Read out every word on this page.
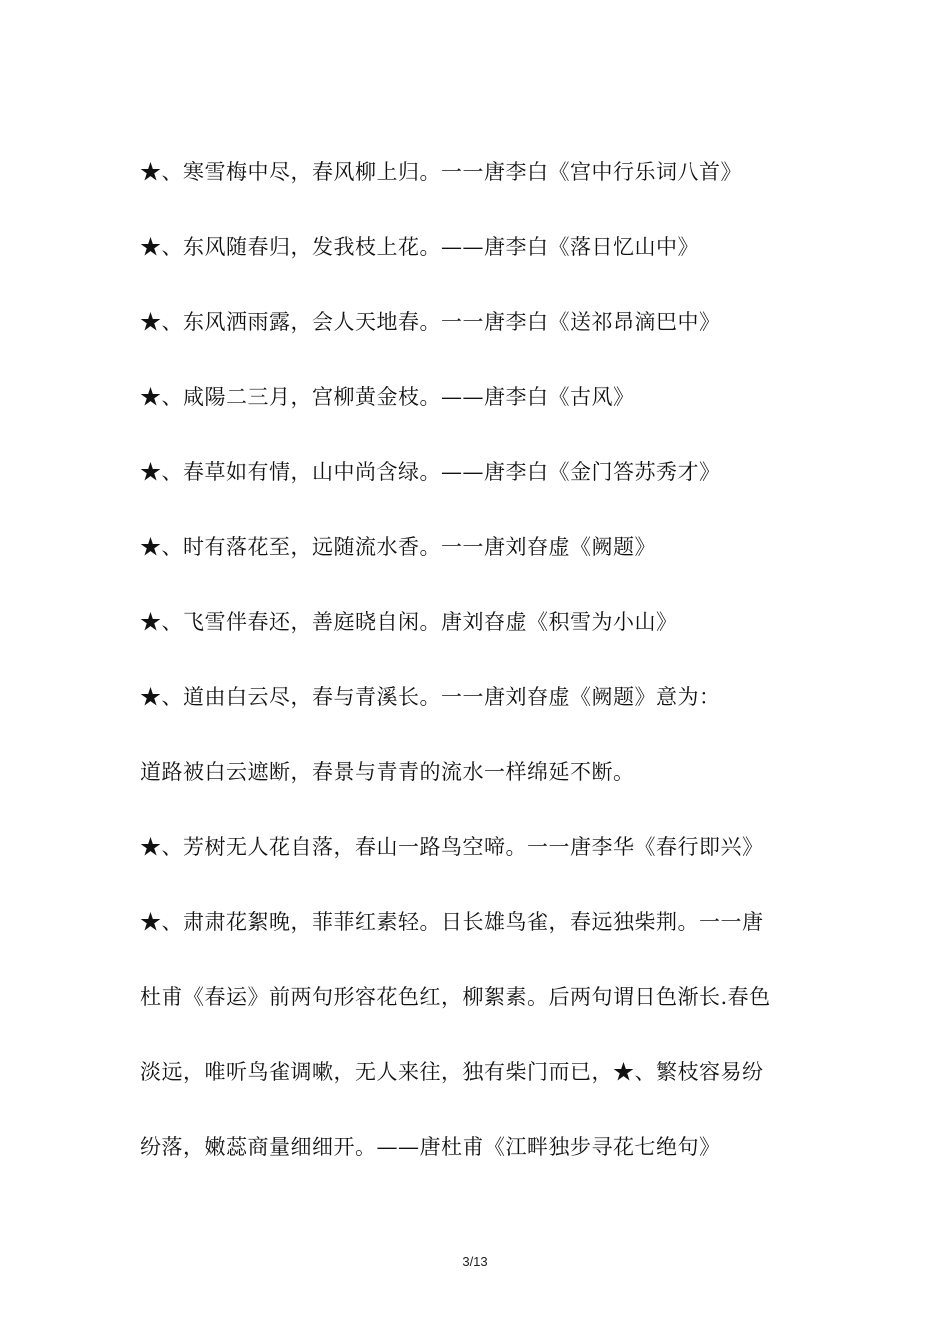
★、寒雪梅中尽，春风柳上归。一一唐李白《宫中行乐词八首》
★、东风随春归，发我枝上花。——唐李白《落日忆山中》
★、东风洒雨露，会人天地春。一一唐李白《送祁昂滴巴中》
★、咸陽二三月，宫柳黄金枝。——唐李白《古风》
★、春草如有情，山中尚含绿。——唐李白《金门答苏秀才》
★、时有落花至，远随流水香。一一唐刘昚虚《阙题》
★、飞雪伴春还，善庭晓自闲。唐刘昚虚《积雪为小山》
★、道由白云尽，春与青溪长。一一唐刘昚虚《阙题》意为：
道路被白云遮断，春景与青青的流水一样绵延不断。
★、芳树无人花自落，春山一路鸟空啼。一一唐李华《春行即兴》
★、肃肃花絮晚，菲菲红素轻。日长雄鸟雀，春远独柴荆。一一唐
杜甫《春运》前两句形容花色红，柳絮素。后两句谓日色渐长.春色
淡远，唯听鸟雀调嗽，无人来往，独有柴门而已，★、繁枝容易纷
纷落，嫩蕊商量细细开。——唐杜甫《江畔独步寻花七绝句》
3/13
